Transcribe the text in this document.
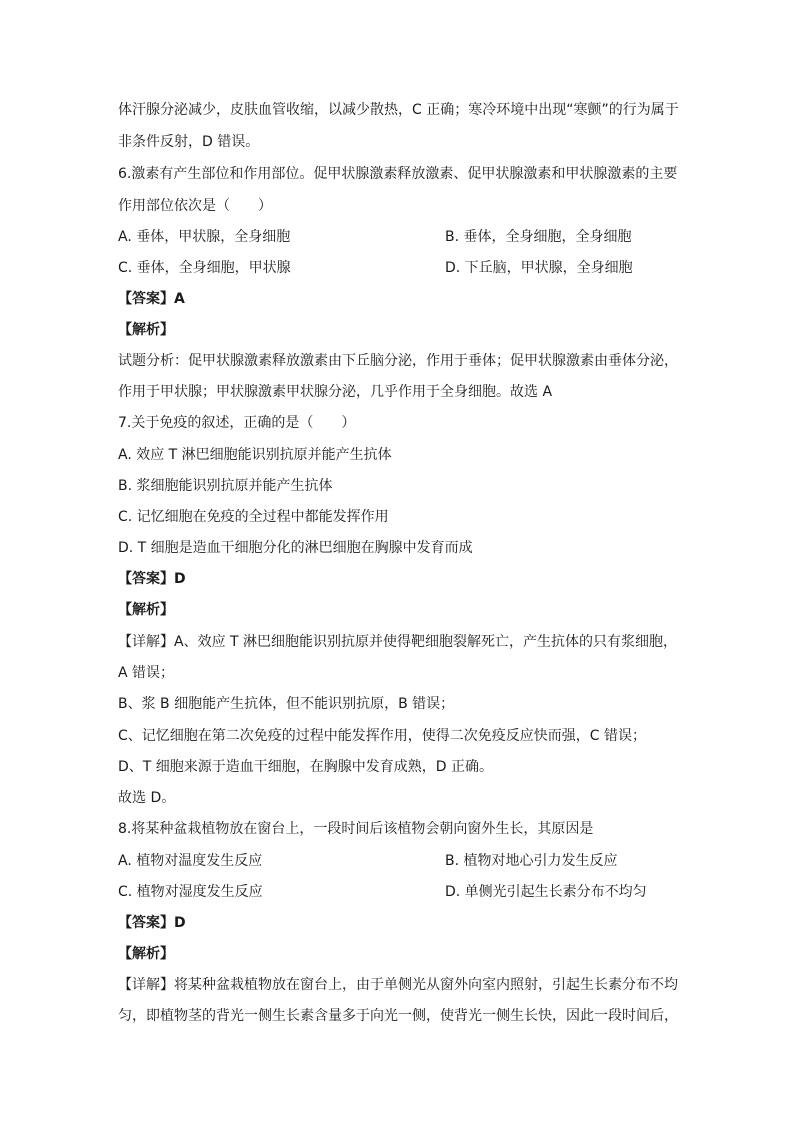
体汗腺分泌减少，皮肤血管收缩，以减少散热，C 正确；寒冷环境中出现“寒颤”的行为属于
非条件反射，D 错误。
6.激素有产生部位和作用部位。促甲状腺激素释放激素、促甲状腺激素和甲状腺激素的主要
作用部位依次是（　　）
A. 垂体，甲状腺，全身细胞	B. 垂体，全身细胞，全身细胞
C. 垂体，全身细胞，甲状腺	D. 下丘脑，甲状腺，全身细胞
【答案】A
【解析】
试题分析：促甲状腺激素释放激素由下丘脑分泌，作用于垂体；促甲状腺激素由垂体分泌，
作用于甲状腺；甲状腺激素甲状腺分泌，几乎作用于全身细胞。故选 A
7.关于免疫的叙述，正确的是（　　）
A. 效应 T 淋巴细胞能识别抗原并能产生抗体
B. 浆细胞能识别抗原并能产生抗体
C. 记忆细胞在免疫的全过程中都能发挥作用
D. T 细胞是造血干细胞分化的淋巴细胞在胸腺中发育而成
【答案】D
【解析】
【详解】A、效应 T 淋巴细胞能识别抗原并使得靶细胞裂解死亡，产生抗体的只有浆细胞，
A 错误；
B、浆 B 细胞能产生抗体，但不能识别抗原，B 错误；
C、记忆细胞在第二次免疫的过程中能发挥作用，使得二次免疫反应快而强，C 错误；
D、T 细胞来源于造血干细胞，在胸腺中发育成熟，D 正确。
故选 D。
8.将某种盆栽植物放在窗台上，一段时间后该植物会朝向窗外生长，其原因是
A. 植物对温度发生反应	B. 植物对地心引力发生反应
C. 植物对湿度发生反应	D. 单侧光引起生长素分布不均匀
【答案】D
【解析】
【详解】将某种盆栽植物放在窗台上，由于单侧光从窗外向室内照射，引起生长素分布不均
匀，即植物茎的背光一侧生长素含量多于向光一侧，使背光一侧生长快，因此一段时间后，
